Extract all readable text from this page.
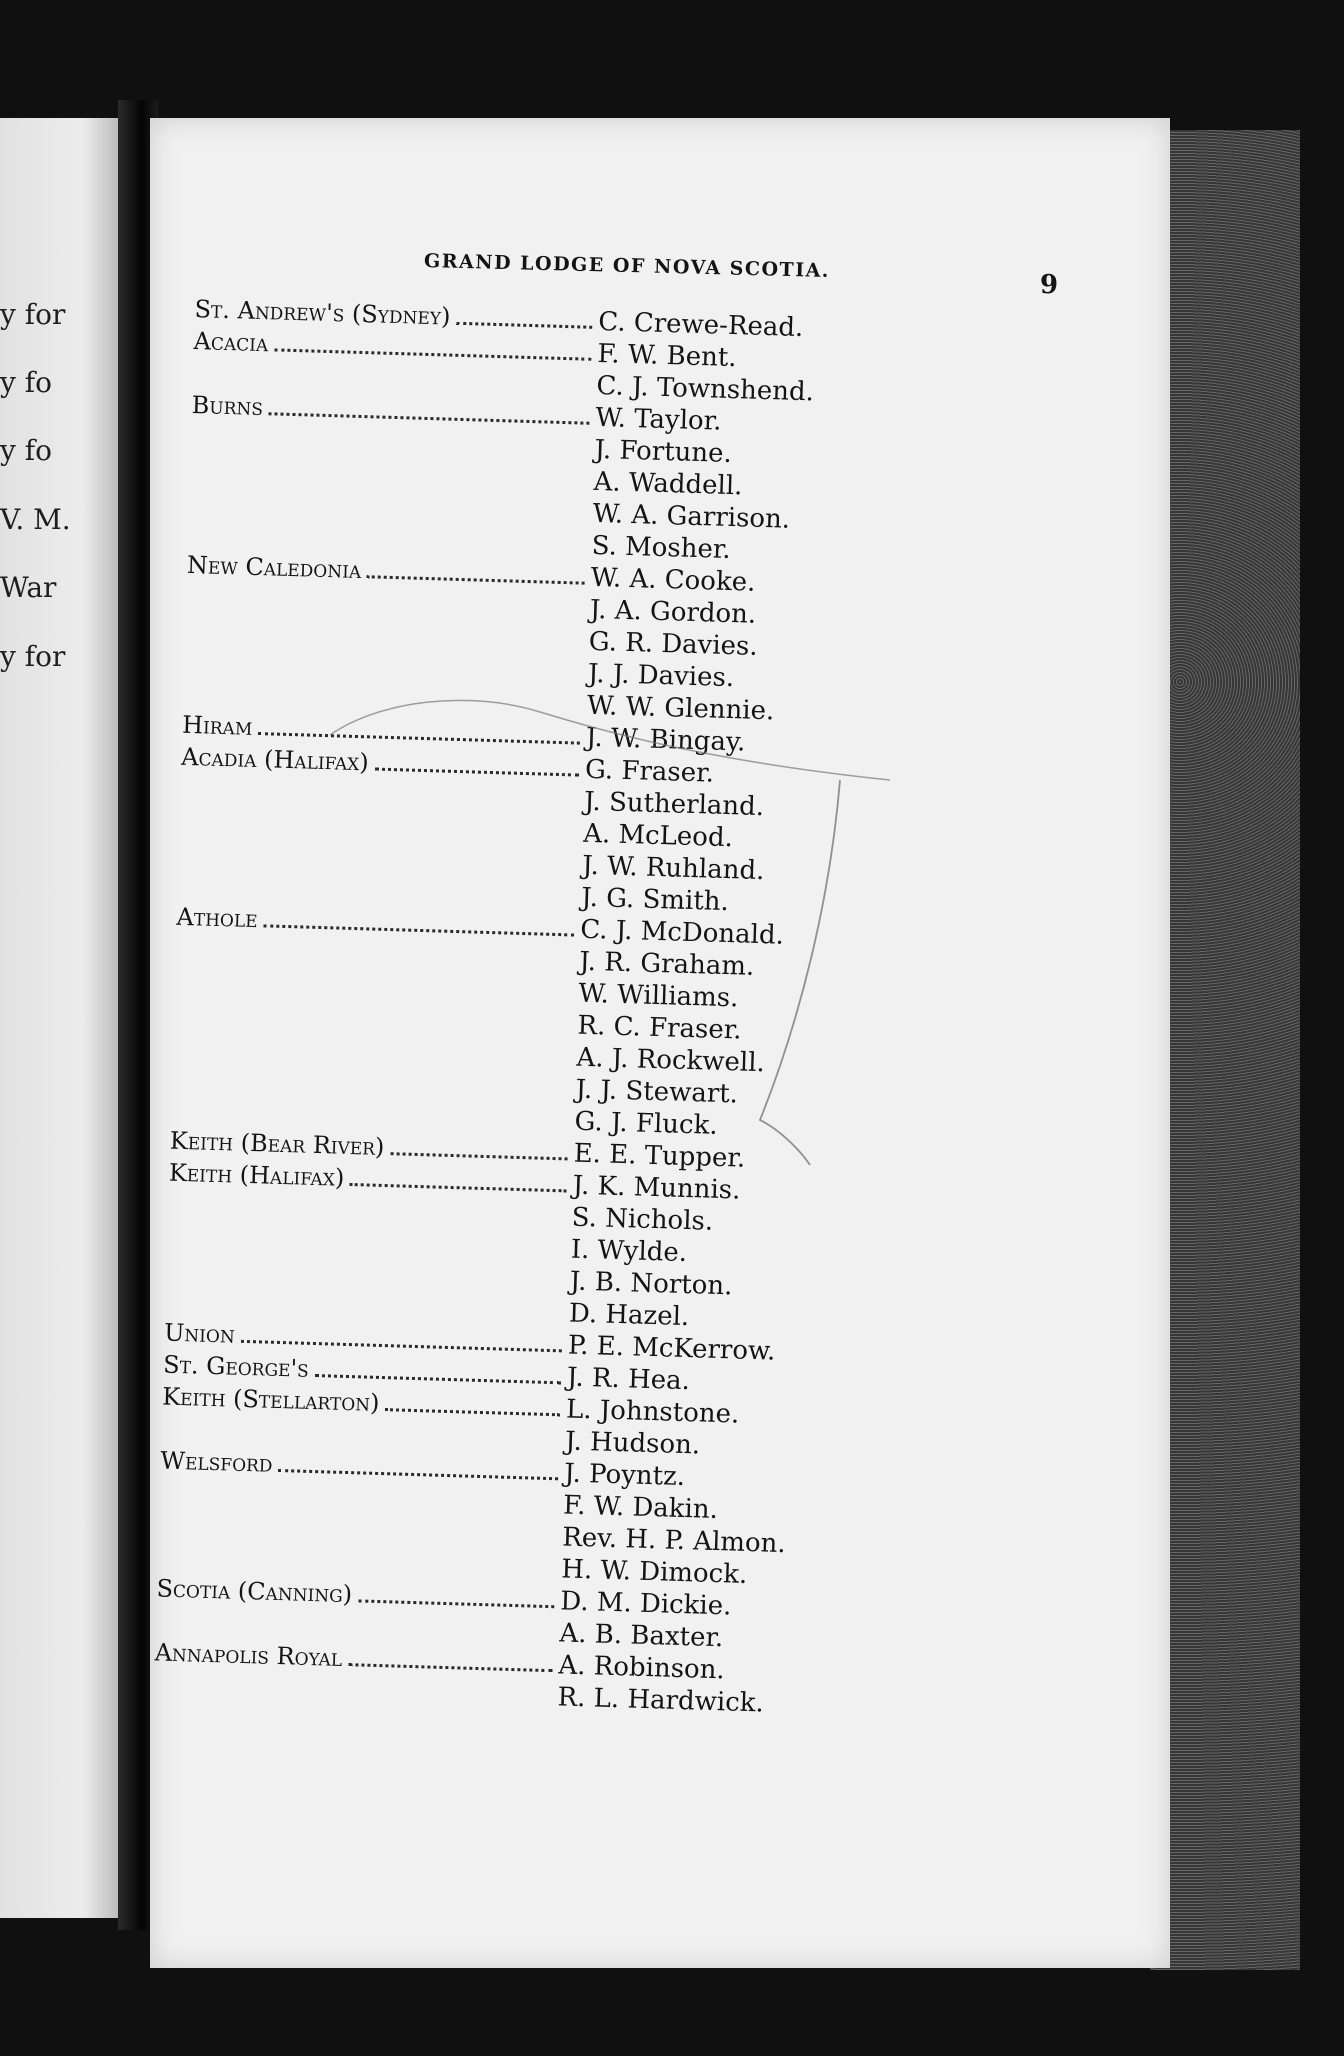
y for
y fo
y fo
V. M.
War
y for
GRAND LODGE OF NOVA SCOTIA.
9
St. Andrew's (Sydney)	C. Crewe-Read.
Acacia	F. W. Bent.
C. J. Townshend.
Burns	W. Taylor.
J. Fortune.
A. Waddell.
W. A. Garrison.
S. Mosher.
New Caledonia	W. A. Cooke.
J. A. Gordon.
G. R. Davies.
J. J. Davies.
W. W. Glennie.
Hiram	J. W. Bingay.
Acadia (Halifax)	G. Fraser.
J. Sutherland.
A. McLeod.
J. W. Ruhland.
J. G. Smith.
Athole	C. J. McDonald.
J. R. Graham.
W. Williams.
R. C. Fraser.
A. J. Rockwell.
J. J. Stewart.
G. J. Fluck.
Keith (Bear River)	E. E. Tupper.
Keith (Halifax)	J. K. Munnis.
S. Nichols.
I. Wylde.
J. B. Norton.
D. Hazel.
Union	P. E. McKerrow.
St. George's	J. R. Hea.
Keith (Stellarton)	L. Johnstone.
J. Hudson.
Welsford	J. Poyntz.
F. W. Dakin.
Rev. H. P. Almon.
H. W. Dimock.
Scotia (Canning)	D. M. Dickie.
A. B. Baxter.
Annapolis Royal	A. Robinson.
R. L. Hardwick.
